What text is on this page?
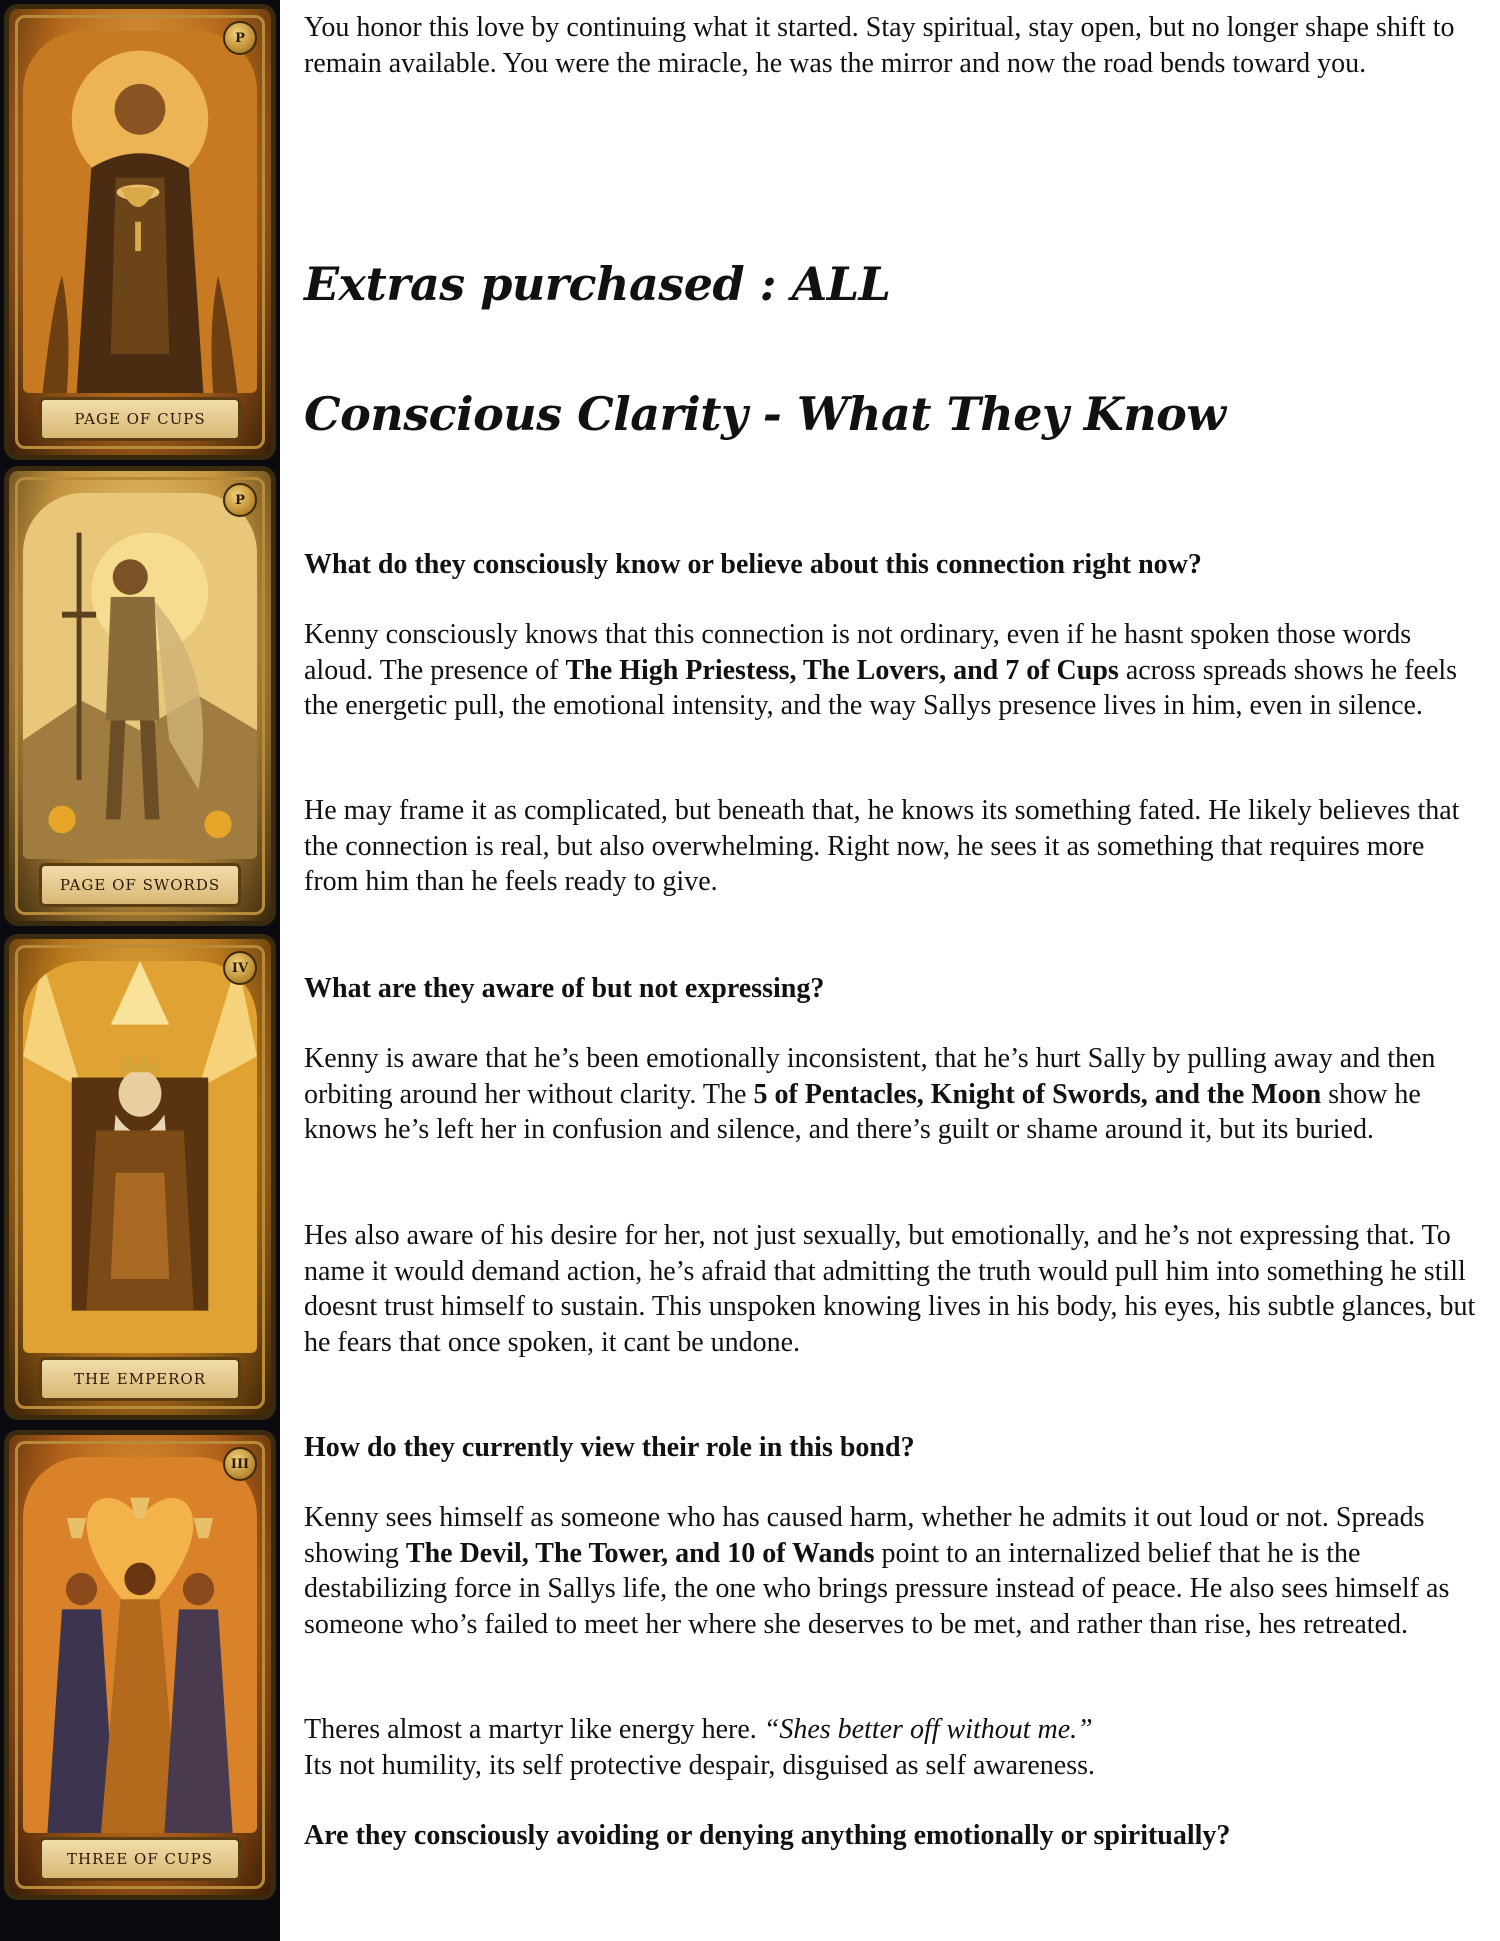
P
PAGE OF CUPS
P
PAGE OF SWORDS
IV
THE EMPEROR
III
THREE OF CUPS

You honor this love by continuing what it started. Stay spiritual, stay open, but no longer shape shift to remain available. You were the miracle, he was the mirror and now the road bends toward you.

Extras purchased : ALL
Conscious Clarity - What They Know

What do they consciously know or believe about this connection right now?

Kenny consciously knows that this connection is not ordinary, even if he hasnt spoken those words aloud. The presence of The High Priestess, The Lovers, and 7 of Cups across spreads shows he feels the energetic pull, the emotional intensity, and the way Sallys presence lives in him, even in silence.

He may frame it as complicated, but beneath that, he knows its something fated. He likely believes that the connection is real, but also overwhelming. Right now, he sees it as something that requires more from him than he feels ready to give.

What are they aware of but not expressing?

Kenny is aware that he’s been emotionally inconsistent, that he’s hurt Sally by pulling away and then orbiting around her without clarity. The 5 of Pentacles, Knight of Swords, and the Moon show he knows he’s left her in confusion and silence, and there’s guilt or shame around it, but its buried.

Hes also aware of his desire for her, not just sexually, but emotionally, and he’s not expressing that. To name it would demand action, he’s afraid that admitting the truth would pull him into something he still doesnt trust himself to sustain. This unspoken knowing lives in his body, his eyes, his subtle glances, but he fears that once spoken, it cant be undone.

How do they currently view their role in this bond?

Kenny sees himself as someone who has caused harm, whether he admits it out loud or not. Spreads showing The Devil, The Tower, and 10 of Wands point to an internalized belief that he is the destabilizing force in Sallys life, the one who brings pressure instead of peace. He also sees himself as someone who’s failed to meet her where she deserves to be met, and rather than rise, hes retreated.

Theres almost a martyr like energy here. “Shes better off without me.”
Its not humility, its self protective despair, disguised as self awareness.

Are they consciously avoiding or denying anything emotionally or spiritually?
